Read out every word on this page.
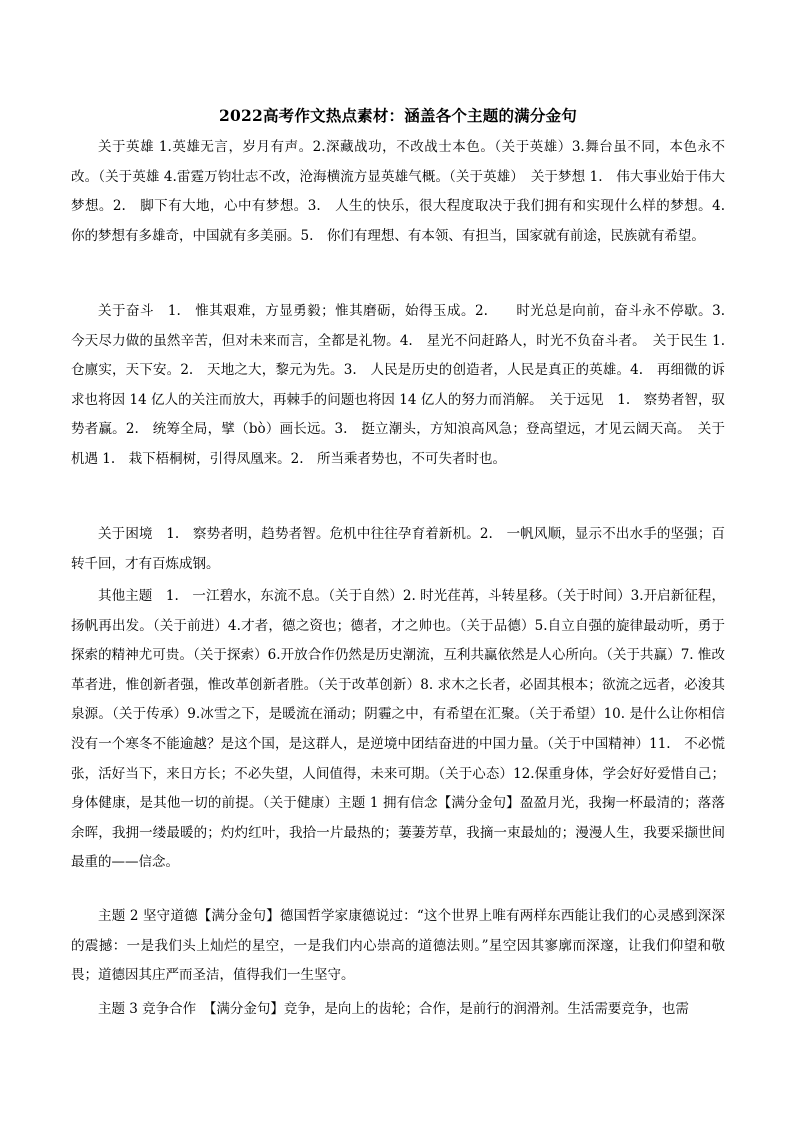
2022高考作文热点素材：涵盖各个主题的满分金句

关于英雄 1.英雄无言，岁月有声。2.深藏战功，不改战士本色。（关于英雄）3.舞台虽不同，本色永不改。（关于英雄 4.雷霆万钧壮志不改，沧海横流方显英雄气概。（关于英雄）　关于梦想 1.　伟大事业始于伟大梦想。2.　脚下有大地，心中有梦想。3.　人生的快乐，很大程度取决于我们拥有和实现什么样的梦想。4.　你的梦想有多雄奇，中国就有多美丽。5.　你们有理想、有本领、有担当，国家就有前途，民族就有希望。

关于奋斗　1.　惟其艰难，方显勇毅；惟其磨砺，始得玉成。2.　　时光总是向前，奋斗永不停歇。3.　今天尽力做的虽然辛苦，但对未来而言，全都是礼物。4.　星光不问赶路人，时光不负奋斗者。　关于民生 1.　仓廪实，天下安。2.　天地之大，黎元为先。3.　人民是历史的创造者，人民是真正的英雄。4.　再细微的诉求也将因 14 亿人的关注而放大，再棘手的问题也将因 14 亿人的努力而消解。　关于远见　1.　察势者智，驭势者赢。2.　统筹全局，擘（bò）画长远。3.　挺立潮头，方知浪高风急；登高望远，才见云阔天高。　关于机遇 1.　栽下梧桐树，引得凤凰来。2.　所当乘者势也，不可失者时也。

关于困境　1.　察势者明，趋势者智。危机中往往孕育着新机。2.　一帆风顺，显示不出水手的坚强；百转千回，才有百炼成钢。

其他主题　1.　一江碧水，东流不息。（关于自然）2. 时光荏苒，斗转星移。（关于时间）3.开启新征程，扬帆再出发。（关于前进）4.才者，德之资也；德者，才之帅也。（关于品德）5.自立自强的旋律最动听，勇于探索的精神尤可贵。（关于探索）6.开放合作仍然是历史潮流，互利共赢依然是人心所向。（关于共赢）7. 惟改革者进，惟创新者强，惟改革创新者胜。（关于改革创新）8. 求木之长者，必固其根本；欲流之远者，必浚其泉源。（关于传承）9.冰雪之下，是暖流在涌动；阴霾之中，有希望在汇聚。（关于希望）10. 是什么让你相信没有一个寒冬不能逾越？是这个国，是这群人，是逆境中团结奋进的中国力量。（关于中国精神）11.　不必慌张，活好当下，来日方长；不必失望，人间值得，未来可期。（关于心态）12.保重身体，学会好好爱惜自己；身体健康，是其他一切的前提。（关于健康）主题 1 拥有信念【满分金句】盈盈月光，我掬一杯最清的；落落余晖，我拥一缕最暖的；灼灼红叶，我拾一片最热的；萋萋芳草，我摘一束最灿的；漫漫人生，我要采撷世间最重的——信念。

主题 2 坚守道德【满分金句】德国哲学家康德说过：“这个世界上唯有两样东西能让我们的心灵感到深深的震撼：一是我们头上灿烂的星空，一是我们内心崇高的道德法则。”星空因其寥廓而深邃，让我们仰望和敬畏；道德因其庄严而圣洁，值得我们一生坚守。

主题 3 竞争合作　【满分金句】竞争，是向上的齿轮；合作，是前行的润滑剂。生活需要竞争，也需
